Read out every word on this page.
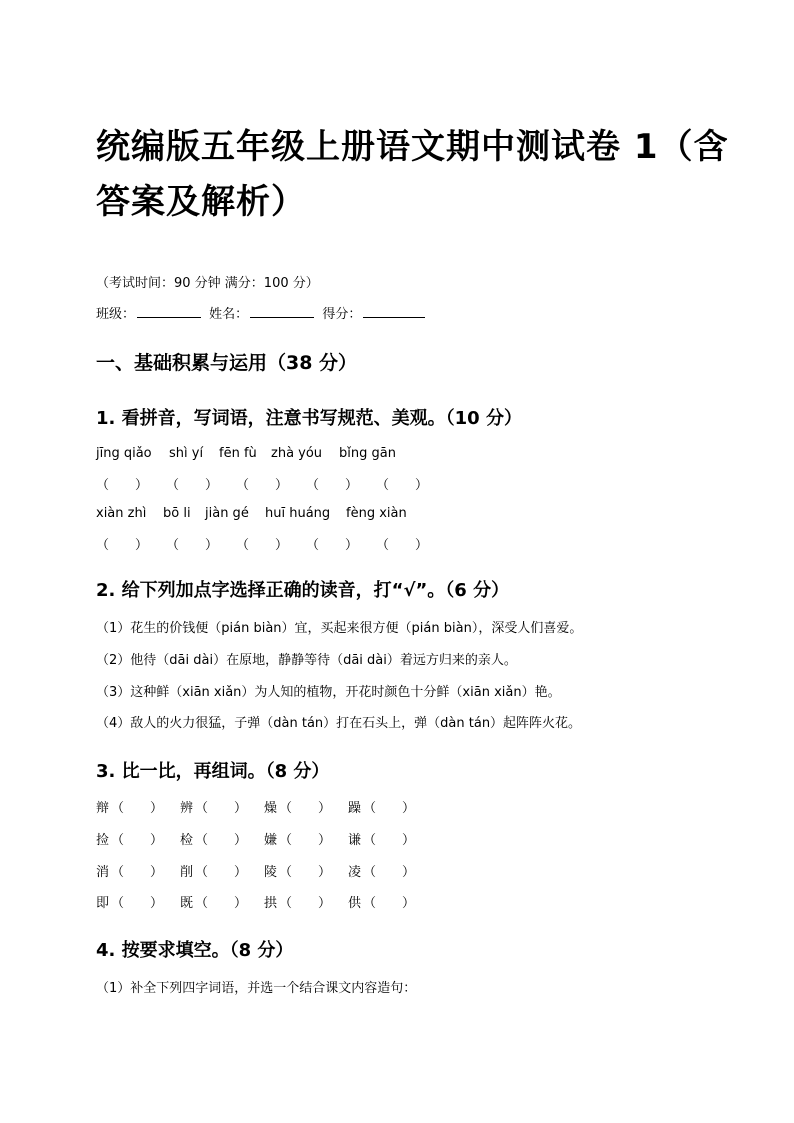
统编版五年级上册语文期中测试卷 1（含答案及解析）
（考试时间：90 分钟 满分：100 分）
班级：	姓名：	得分：
一、基础积累与运用（38 分）
1. 看拼音，写词语，注意书写规范、美观。（10 分）
jīng qiǎo shì yí fēn fù zhà yóu bǐng gān
（　　） （　　） （　　） （　　） （　　）
xiàn zhì bō li jiàn gé huī huáng fèng xiàn
（　　） （　　） （　　） （　　） （　　）
2. 给下列加点字选择正确的读音，打“√”。（6 分）
（1）花生的价钱便（pián biàn）宜，买起来很方便（pián biàn），深受人们喜爱。
（2）他待（dāi dài）在原地，静静等待（dāi dài）着远方归来的亲人。
（3）这种鲜（xiān xiǎn）为人知的植物，开花时颜色十分鲜（xiān xiǎn）艳。
（4）敌人的火力很猛，子弹（dàn tán）打在石头上，弹（dàn tán）起阵阵火花。
3. 比一比，再组词。（8 分）
辩 （　　） 辨 （　　） 燥 （　　） 躁 （　　）
捡 （　　） 检 （　　） 嫌 （　　） 谦 （　　）
消 （　　） 削 （　　） 陵 （　　） 凌 （　　）
即 （　　） 既 （　　） 拱 （　　） 供 （　　）
4. 按要求填空。（8 分）
（1）补全下列四字词语，并选一个结合课文内容造句：
